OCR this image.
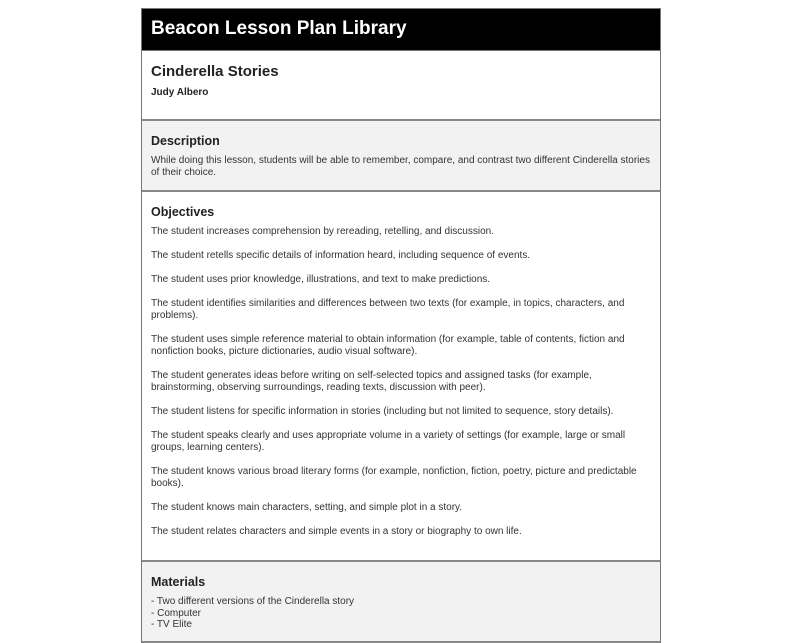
Beacon Lesson Plan Library
Cinderella Stories
Judy Albero
Description

While doing this lesson, students will be able to remember, compare, and contrast two different Cinderella stories of their choice.

Objectives

The student increases comprehension by rereading, retelling, and discussion.

The student retells specific details of information heard, including sequence of events.

The student uses prior knowledge, illustrations, and text to make predictions.

The student identifies similarities and differences between two texts (for example, in topics, characters, and problems).

The student uses simple reference material to obtain information (for example, table of contents, fiction and nonfiction books, picture dictionaries, audio visual software).

The student generates ideas before writing on self-selected topics and assigned tasks (for example, brainstorming, observing surroundings, reading texts, discussion with peer).

The student listens for specific information in stories (including but not limited to sequence, story details).

The student speaks clearly and uses appropriate volume in a variety of settings (for example, large or small groups, learning centers).

The student knows various broad literary forms (for example, nonfiction, fiction, poetry, picture and predictable books).

The student knows main characters, setting, and simple plot in a story.

The student relates characters and simple events in a story or biography to own life.

Materials
- Two different versions of the Cinderella story
- Computer
- TV Elite
